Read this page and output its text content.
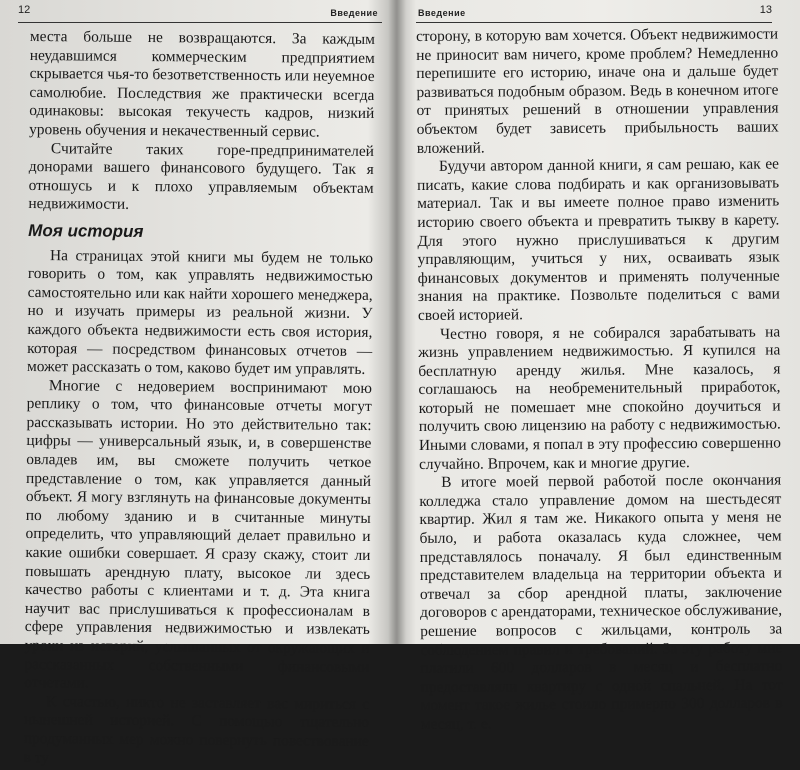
12	Введение

места больше не возвращаются. За каждым неудавшимся коммерческим предприятием скрывается чья-то безответственность или неуемное самолюбие. Последствия же практически всегда одинаковы: высокая текучесть кадров, низкий уровень обучения и некачественный сервис.

Считайте таких горе-предпринимателей донорами вашего финансового будущего. Так я отношусь и к плохо управляемым объектам недвижимости.

Моя история

На страницах этой книги мы будем не только говорить о том, как управлять недвижимостью самостоятельно или как найти хорошего менеджера, но и изучать примеры из реальной жизни. У каждого объекта недвижимости есть своя история, которая — посредством финансовых отчетов — может рассказать о том, каково будет им управлять.

Многие с недоверием воспринимают мою реплику о том, что финансовые отчеты могут рассказывать истории. Но это действительно так: цифры — универсальный язык, и, в совершенстве овладев им, вы сможете получить четкое представление о том, как управляется данный объект. Я могу взглянуть на финансовые документы по любому зданию и в считанные минуты определить, что управляющий делает правильно и какие ошибки совершает. Я сразу скажу, стоит ли повышать арендную плату, высокое ли здесь качество работы с клиентами и т. д. Эта книга научит вас прислушиваться к профессионалам в сфере управления недвижимостью и извлекать уроки из историй, услышанных от окружающих и рассказанных собственными финансовыми отчетами.

К счастью, никто не заставляет вас мириться с нынешней историей. С помощью тщательно продуманных мер можно повернуть повествование в ту

Введение	13

сторону, в которую вам хочется. Объект недвижимости не приносит вам ничего, кроме проблем? Немедленно перепишите его историю, иначе она и дальше будет развиваться подобным образом. Ведь в конечном итоге от принятых решений в отношении управления объектом будет зависеть прибыльность ваших вложений.

Будучи автором данной книги, я сам решаю, как ее писать, какие слова подбирать и как организовывать материал. Так и вы имеете полное право изменить историю своего объекта и превратить тыкву в карету. Для этого нужно прислушиваться к другим управляющим, учиться у них, осваивать язык финансовых документов и применять полученные знания на практике. Позвольте поделиться с вами своей историей.

Честно говоря, я не собирался зарабатывать на жизнь управлением недвижимостью. Я купился на бесплатную аренду жилья. Мне казалось, я соглашаюсь на необременительный приработок, который не помешает мне спокойно доучиться и получить свою лицензию на работу с недвижимостью. Иными словами, я попал в эту профессию совершенно случайно. Впрочем, как и многие другие.

В итоге моей первой работой после окончания колледжа стало управление домом на шестьдесят квартир. Жил я там же. Никакого опыта у меня не было, и работа оказалась куда сложнее, чем представлялось поначалу. Я был единственным представителем владельца на территории объекта и отвечал за сбор арендной платы, заключение договоров с арендаторами, техническое обслуживание, решение вопросов с жильцами, контроль за соблюдением правил и требований. За эту работу мне платили 600 долларов в месяц и бесплатно предоставляли квартиру с одной спальней. На тот момент такое жилье стоило примерно 300 долларов в месяц, т. е.
